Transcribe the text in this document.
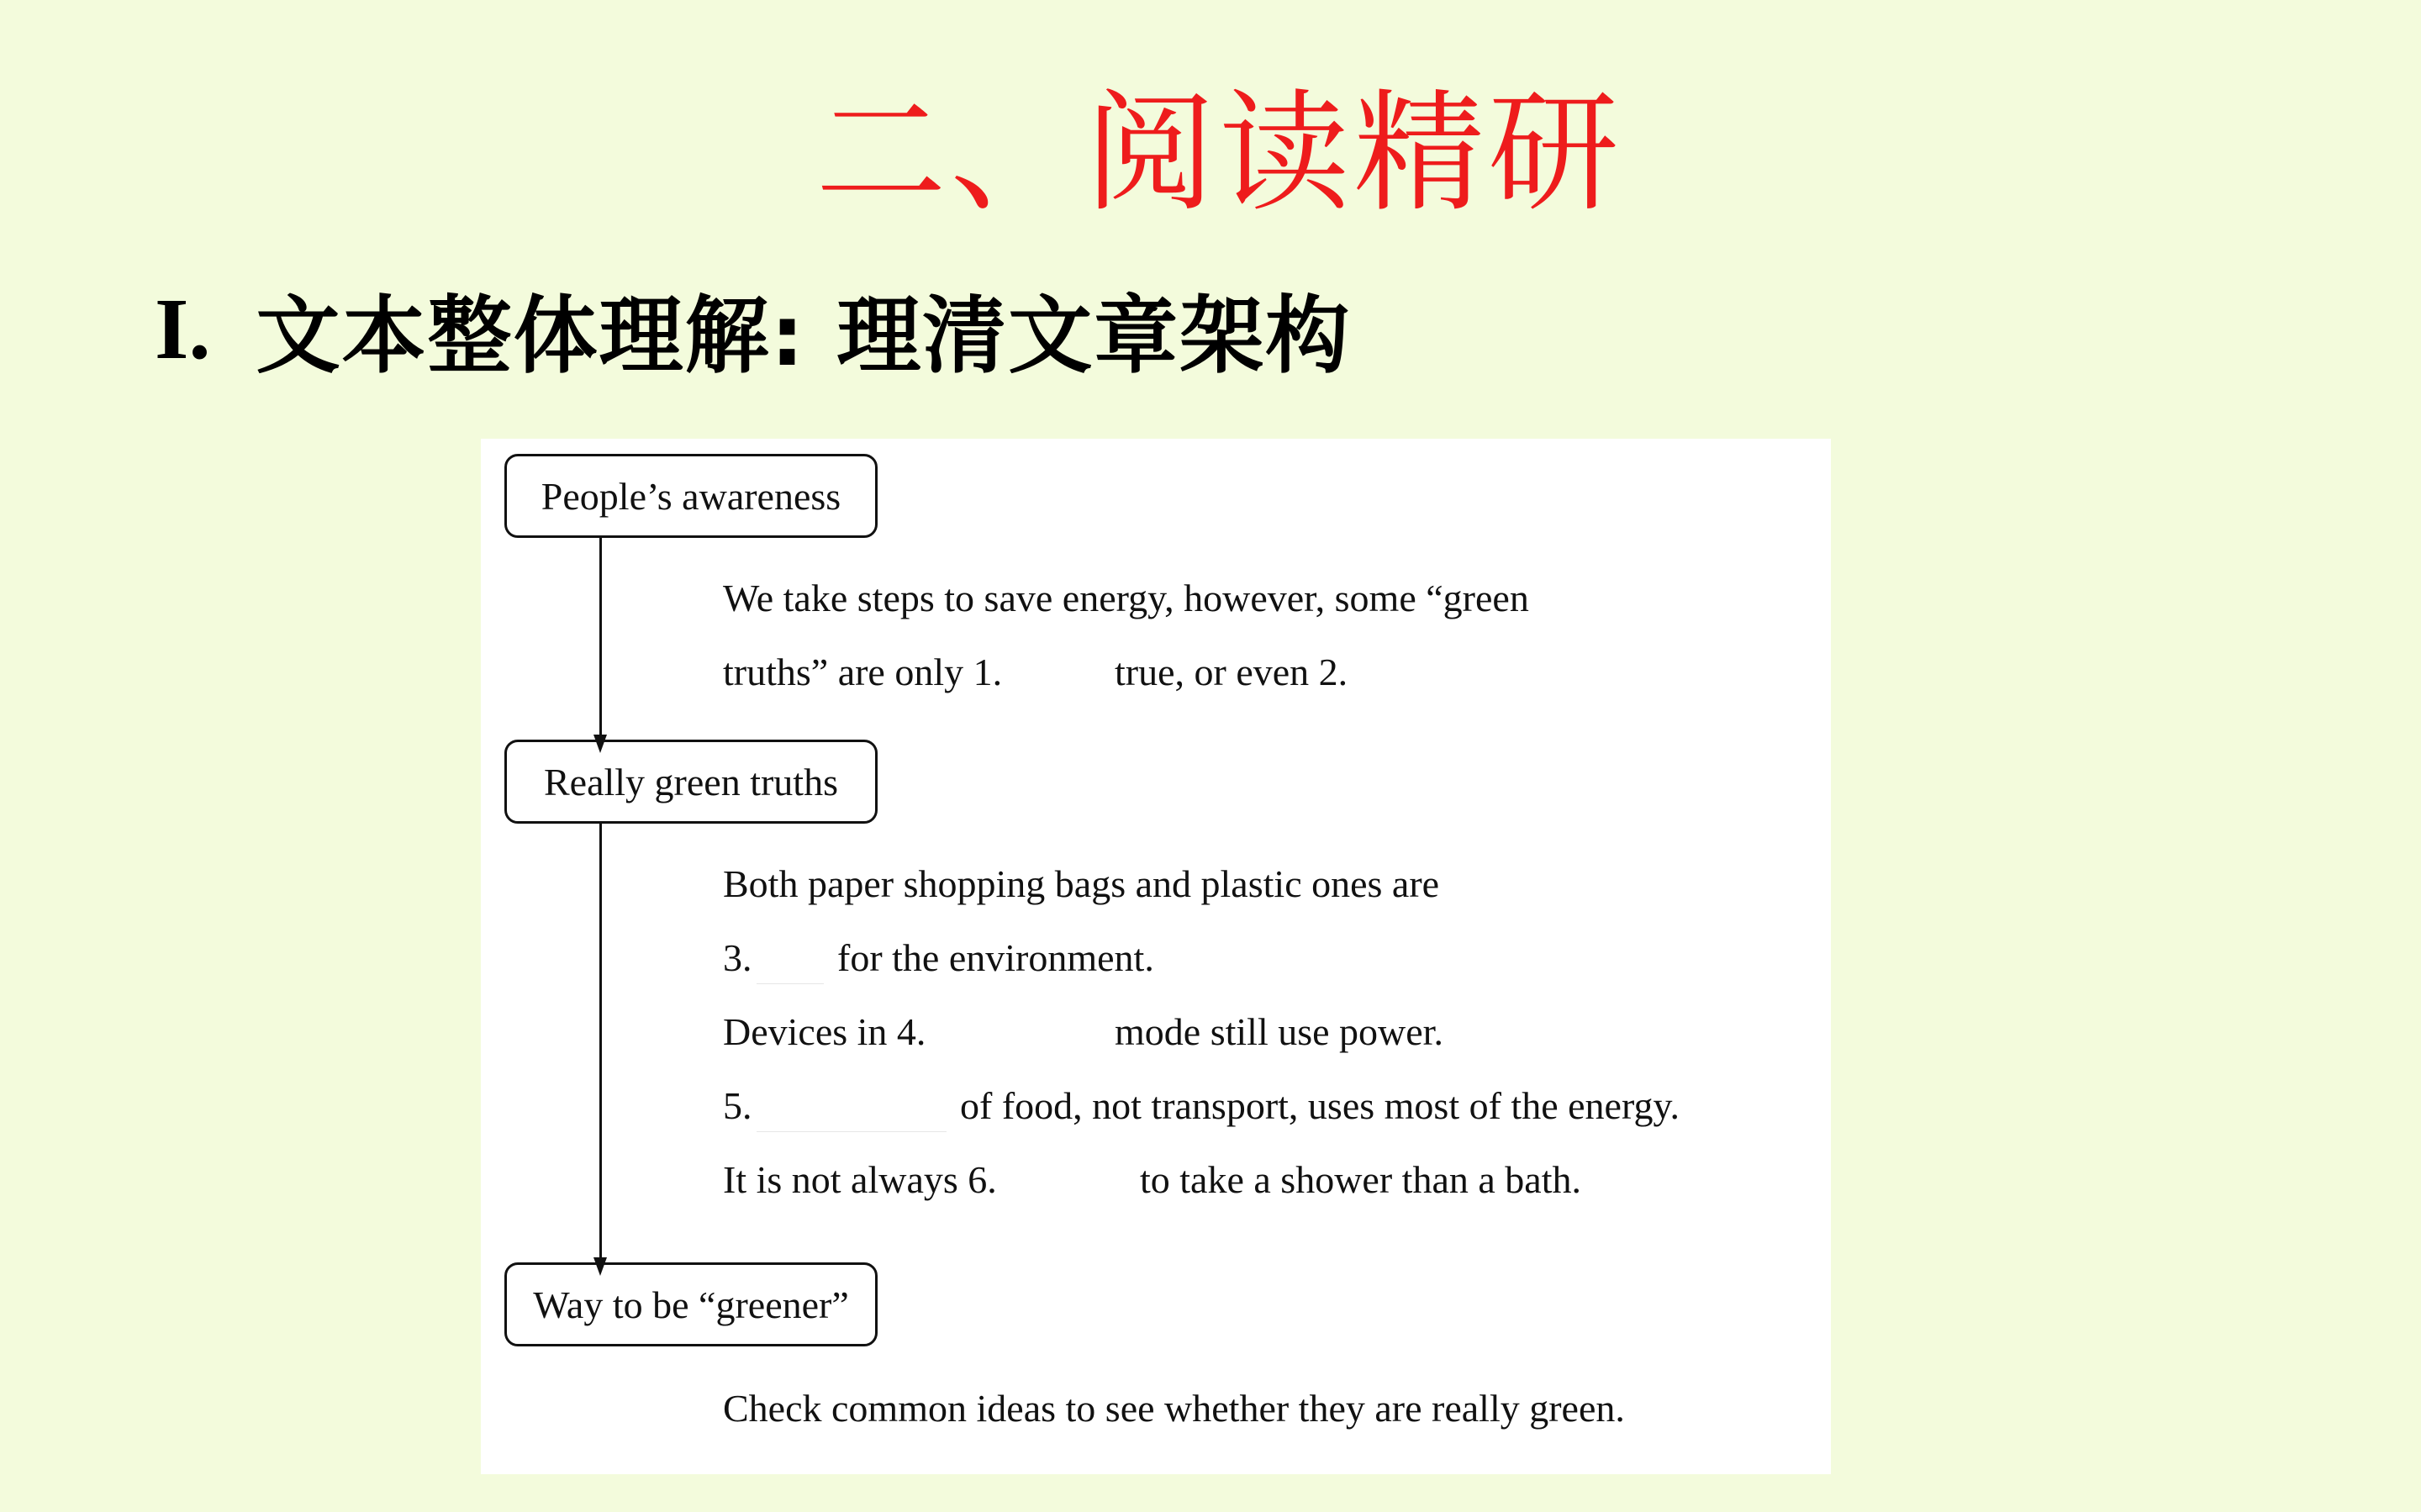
二、阅读精研
I. 文本整体理解: 理清文章架构
People’s awareness
We take steps to save energy, however, some “green
truths” are only 1.	true, or even 2.
Really green truths
Both paper shopping bags and plastic ones are
3. for the environment.
Devices in 4.	mode still use power.
5.	of food, not transport, uses most of the energy.
It is not always 6.	to take a shower than a bath.
Way to be “greener”
Check common ideas to see whether they are really green.
